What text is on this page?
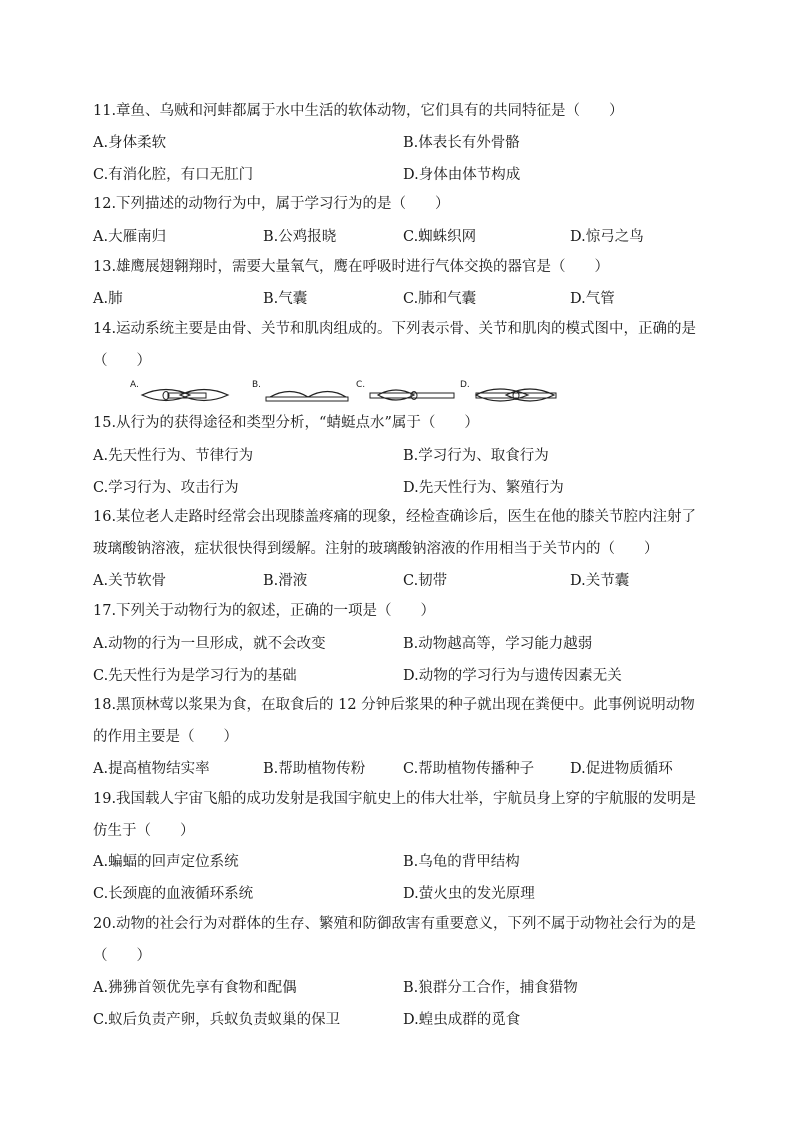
11.章鱼、乌贼和河蚌都属于水中生活的软体动物，它们具有的共同特征是（　　）
A.身体柔软	B.体表长有外骨骼
C.有消化腔，有口无肛门	D.身体由体节构成
12.下列描述的动物行为中，属于学习行为的是（　　）
A.大雁南归	B.公鸡报晓	C.蜘蛛织网	D.惊弓之鸟
13.雄鹰展翅翱翔时，需要大量氧气，鹰在呼吸时进行气体交换的器官是（　　）
A.肺	B.气囊	C.肺和气囊	D.气管
14.运动系统主要是由骨、关节和肌肉组成的。下列表示骨、关节和肌肉的模式图中，正确的是（　　）
A.	B.	C.	D.
15.从行为的获得途径和类型分析，“蜻蜓点水”属于（　　）
A.先天性行为、节律行为	B.学习行为、取食行为
C.学习行为、攻击行为	D.先天性行为、繁殖行为
16.某位老人走路时经常会出现膝盖疼痛的现象，经检查确诊后，医生在他的膝关节腔内注射了玻璃酸钠溶液，症状很快得到缓解。注射的玻璃酸钠溶液的作用相当于关节内的（　　）
A.关节软骨	B.滑液	C.韧带	D.关节囊
17.下列关于动物行为的叙述，正确的一项是（　　）
A.动物的行为一旦形成，就不会改变	B.动物越高等，学习能力越弱
C.先天性行为是学习行为的基础	D.动物的学习行为与遗传因素无关
18.黑顶林莺以浆果为食，在取食后的 12 分钟后浆果的种子就出现在粪便中。此事例说明动物的作用主要是（　　）
A.提高植物结实率	B.帮助植物传粉	C.帮助植物传播种子 D.促进物质循环
19.我国载人宇宙飞船的成功发射是我国宇航史上的伟大壮举，宇航员身上穿的宇航服的发明是仿生于（　　）
A.蝙蝠的回声定位系统	B.乌龟的背甲结构
C.长颈鹿的血液循环系统	D.萤火虫的发光原理
20.动物的社会行为对群体的生存、繁殖和防御敌害有重要意义，下列不属于动物社会行为的是（　　）
A.狒狒首领优先享有食物和配偶	B.狼群分工合作，捕食猎物
C.蚁后负责产卵，兵蚁负责蚁巢的保卫	D.蝗虫成群的觅食
